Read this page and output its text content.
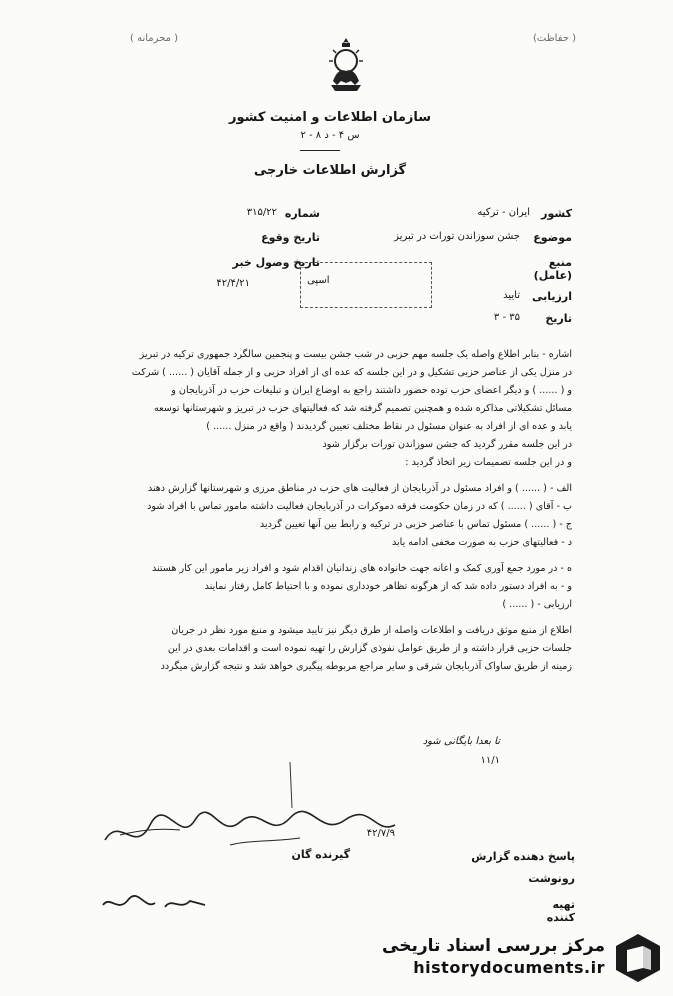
( حفاظت)
( محرمانه )
سازمان اطلاعات و امنیت کشور
س ۴ - د ۸ - ۲
گزارش اطلاعات خارجی
کشور
ایران - ترکیه
موضوع
جشن سوزاندن تورات در تبریز
منبع (عامل)
ارزیابی
تایید
تاریخ
۳ - ۳۵
شماره
۳۱۵/۲۲
تاریخ وقوع
تاریخ وصول خبر
۴۲/۴/۲۱	اسپی
اشاره - بنابر اطلاع واصله یک جلسه مهم حزبی در شب جشن بیست و پنجمین سالگرد جمهوری ترکیه در تبریز
در منزل یکی از عناصر حزبی تشکیل و در این جلسه که عده ای از افراد حزبی و از جمله آقایان ( ...... ) شرکت
و ( ...... ) و دیگر اعضای حزب توده حضور داشتند راجع به اوضاع ایران و تبلیغات حزب در آذربایجان و
مسائل تشکیلاتی مذاکره شده و همچنین تصمیم گرفته شد که فعالیتهای حزب در تبریز و شهرستانها توسعه
یابد و عده ای از افراد به عنوان مسئول در نقاط مختلف تعیین گردیدند ( واقع در منزل ...... )
در این جلسه مقرر گردید که جشن سوزاندن تورات برگزار شود
و در این جلسه تصمیمات زیر اتخاذ گردید :
الف - ( ...... ) و افراد مسئول در آذربایجان از فعالیت های حزب در مناطق مرزی و شهرستانها گزارش دهند
ب - آقای ( ...... ) که در زمان حکومت فرقه دموکرات در آذربایجان فعالیت داشته مامور تماس با افراد شود
ج - ( ...... ) مسئول تماس با عناصر حزبی در ترکیه و رابط بین آنها تعیین گردید
د - فعالیتهای حزب به صورت مخفی ادامه یابد
ه - در مورد جمع آوری کمک و اعانه جهت خانواده های زندانیان اقدام شود و افراد زیر مامور این کار هستند
و - به افراد دستور داده شد که از هرگونه تظاهر خودداری نموده و با احتیاط کامل رفتار نمایند
ارزیابی - ( ...... )
اطلاع از منبع موثق دریافت و اطلاعات واصله از طرق دیگر نیز تایید میشود و منبع مورد نظر در جریان
جلسات حزبی قرار داشته و از طریق عوامل نفوذی گزارش را تهیه نموده است و اقدامات بعدی در این
زمینه از طریق ساواک آذربایجان شرقی و سایر مراجع مربوطه پیگیری خواهد شد و نتیجه گزارش میگردد
تا بعدا بایگانی شود
۱۱/۱
۴۲/۷/۹
گیرنده گان	پاسخ دهنده گزارش
رونوشت
تهیه کننده
مرکز بررسی اسناد تاریخی
historydocuments.ir
